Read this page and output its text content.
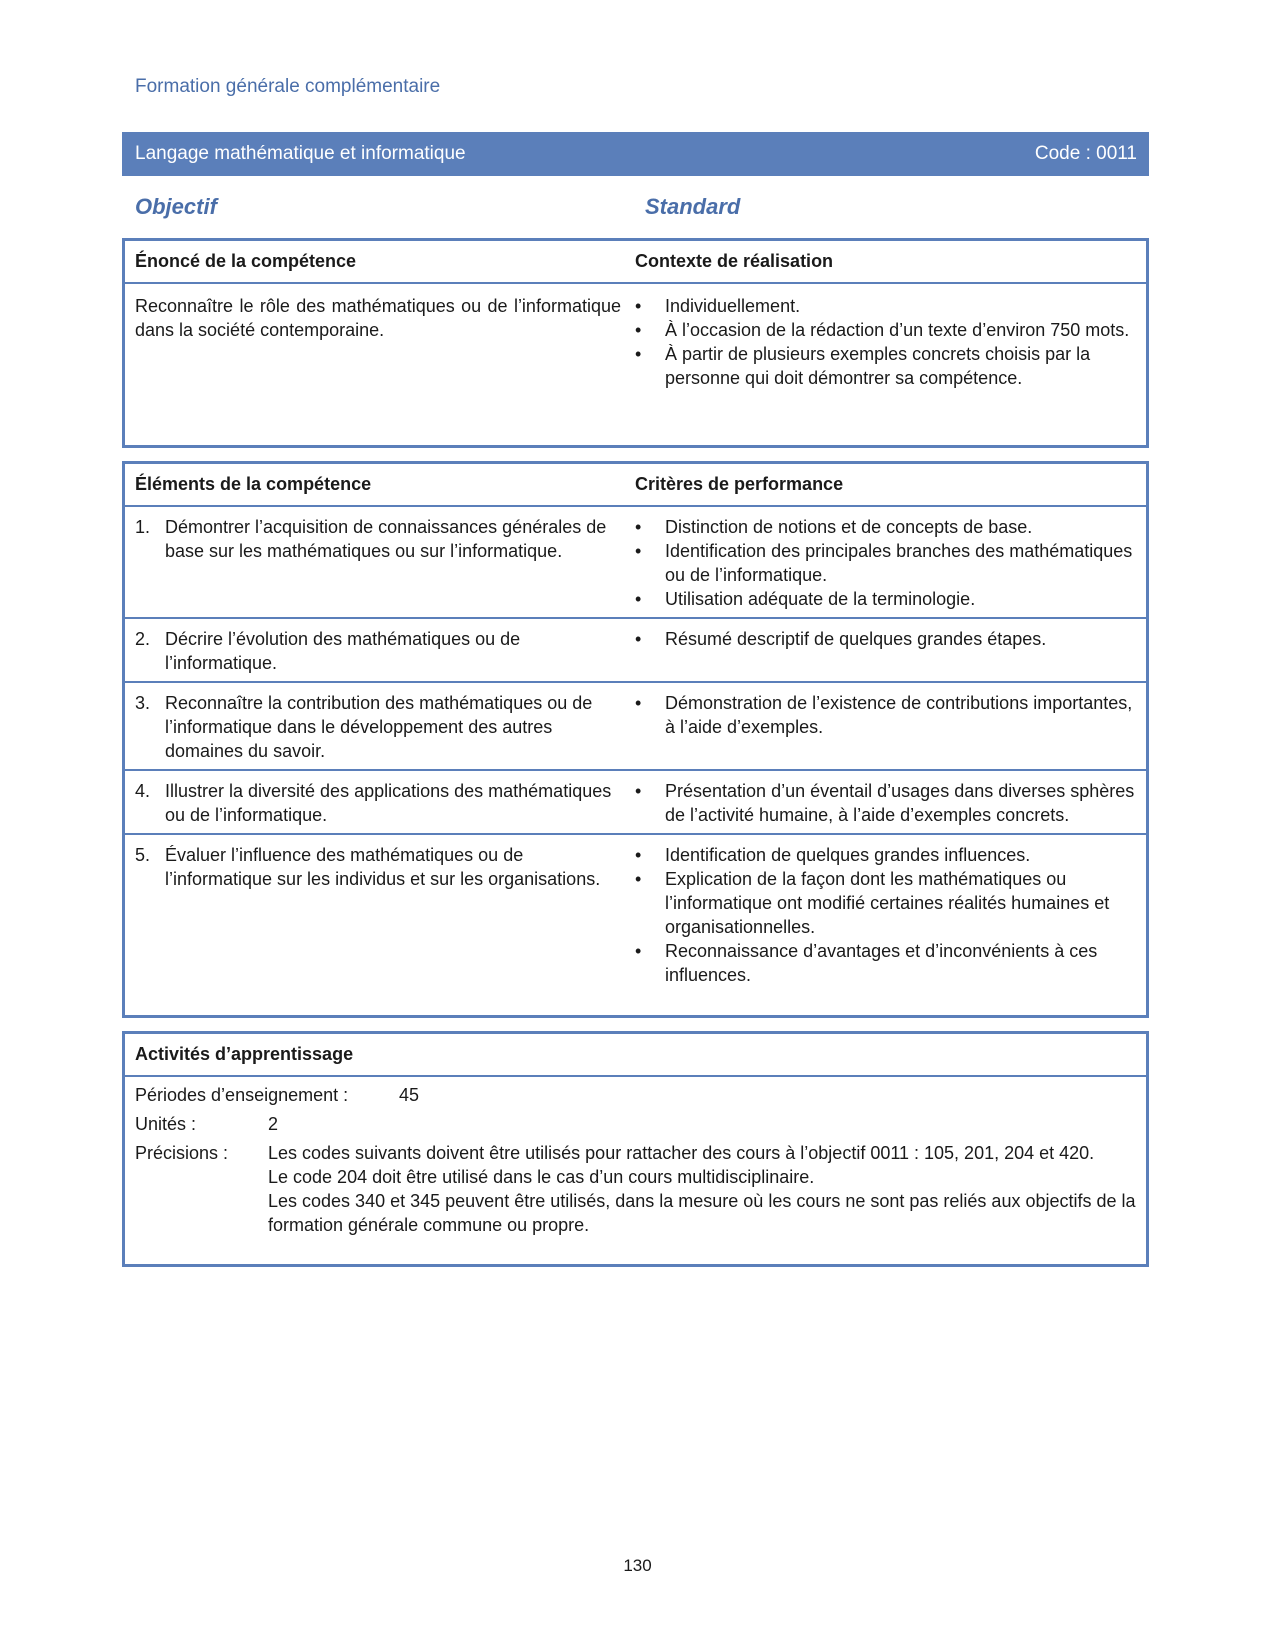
Formation générale complémentaire
Langage mathématique et informatique	Code : 0011
Objectif	Standard
Énoncé de la compétence	Contexte de réalisation
Reconnaître le rôle des mathématiques ou de l’informatique dans la société contemporaine.
•	Individuellement.
•	À l’occasion de la rédaction d’un texte d’environ 750 mots.
•	À partir de plusieurs exemples concrets choisis par la personne qui doit démontrer sa compétence.
Éléments de la compétence	Critères de performance
1. Démontrer l’acquisition de connaissances générales de base sur les mathématiques ou sur l’informatique.
•	Distinction de notions et de concepts de base.
•	Identification des principales branches des mathématiques ou de l’informatique.
•	Utilisation adéquate de la terminologie.
2. Décrire l’évolution des mathématiques ou de l’informatique.
•	Résumé descriptif de quelques grandes étapes.
3. Reconnaître la contribution des mathématiques ou de l’informatique dans le développement des autres domaines du savoir.
•	Démonstration de l’existence de contributions importantes, à l’aide d’exemples.
4. Illustrer la diversité des applications des mathématiques ou de l’informatique.
•	Présentation d’un éventail d’usages dans diverses sphères de l’activité humaine, à l’aide d’exemples concrets.
5. Évaluer l’influence des mathématiques ou de l’informatique sur les individus et sur les organisations.
•	Identification de quelques grandes influences.
•	Explication de la façon dont les mathématiques ou l’informatique ont modifié certaines réalités humaines et organisationnelles.
•	Reconnaissance d’avantages et d’inconvénients à ces influences.
Activités d’apprentissage
Périodes d’enseignement :	45
Unités :	2
Précisions :	Les codes suivants doivent être utilisés pour rattacher des cours à l’objectif 0011 : 105, 201, 204 et 420.
Le code 204 doit être utilisé dans le cas d’un cours multidisciplinaire.
Les codes 340 et 345 peuvent être utilisés, dans la mesure où les cours ne sont pas reliés aux objectifs de la formation générale commune ou propre.
130
